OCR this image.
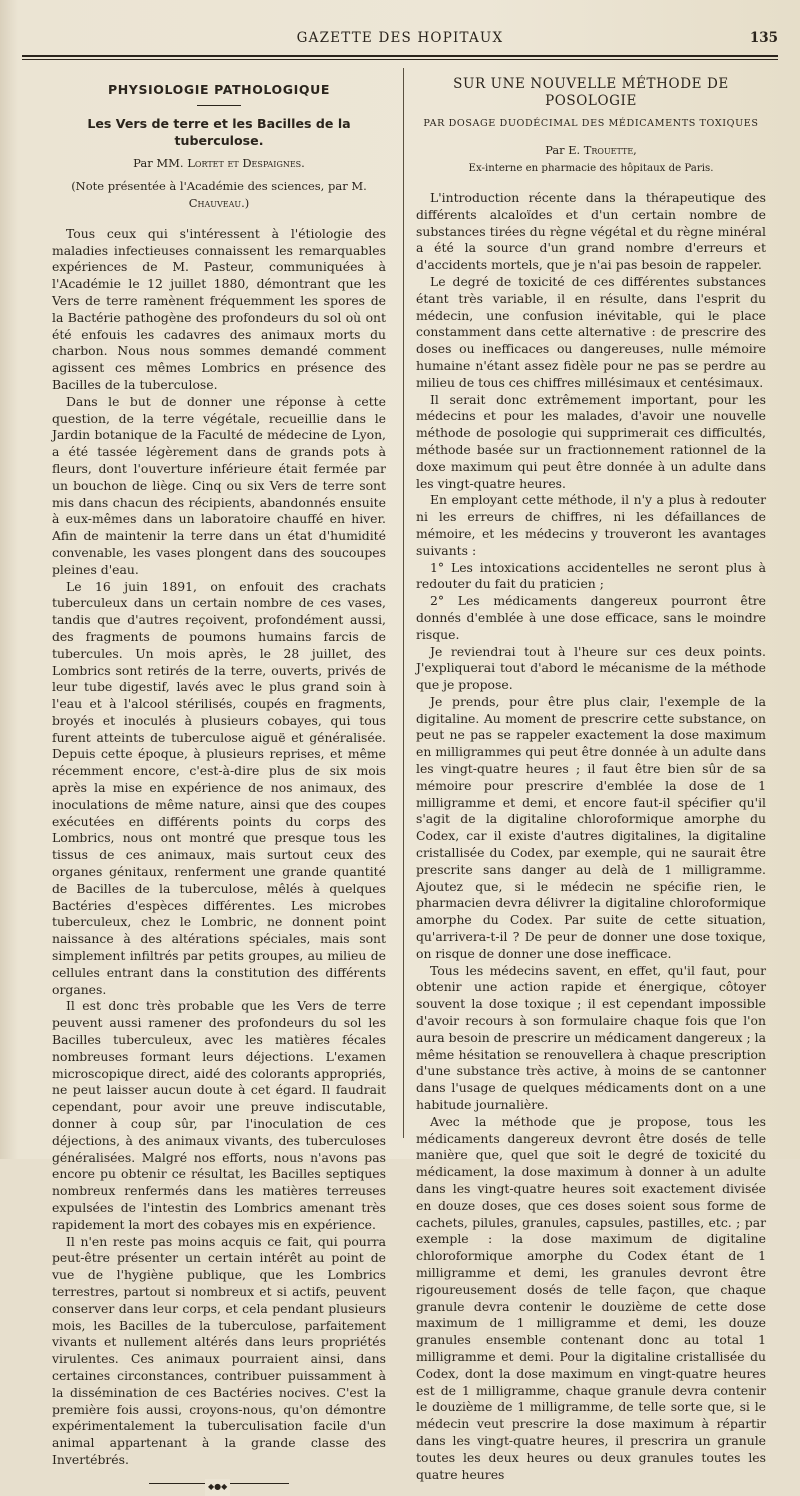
GAZETTE DES HOPITAUX	135
PHYSIOLOGIE PATHOLOGIQUE
Les Vers de terre et les Bacilles de la tuberculose.
Par MM. Lortet et Despaignes.
(Note présentée à l'Académie des sciences, par M. Chauveau.)

Tous ceux qui s'intéressent à l'étiologie des maladies infectieuses connaissent les remarquables expériences de M. Pasteur, communiquées à l'Académie le 12 juillet 1880, démontrant que les Vers de terre ramènent fréquemment les spores de la Bactérie pathogène des profondeurs du sol où ont été enfouis les cadavres des animaux morts du charbon. Nous nous sommes demandé comment agissent ces mêmes Lombrics en présence des Bacilles de la tuberculose.

Dans le but de donner une réponse à cette question, de la terre végétale, recueillie dans le Jardin botanique de la Faculté de médecine de Lyon, a été tassée légèrement dans de grands pots à fleurs, dont l'ouverture inférieure était fermée par un bouchon de liège. Cinq ou six Vers de terre sont mis dans chacun des récipients, abandonnés ensuite à eux-mêmes dans un laboratoire chauffé en hiver. Afin de maintenir la terre dans un état d'humidité convenable, les vases plongent dans des soucoupes pleines d'eau.

Le 16 juin 1891, on enfouit des crachats tuberculeux dans un certain nombre de ces vases, tandis que d'autres reçoivent, profondément aussi, des fragments de poumons humains farcis de tubercules. Un mois après, le 28 juillet, des Lombrics sont retirés de la terre, ouverts, privés de leur tube digestif, lavés avec le plus grand soin à l'eau et à l'alcool stérilisés, coupés en fragments, broyés et inoculés à plusieurs cobayes, qui tous furent atteints de tuberculose aiguë et généralisée. Depuis cette époque, à plusieurs reprises, et même récemment encore, c'est-à-dire plus de six mois après la mise en expérience de nos animaux, des inoculations de même nature, ainsi que des coupes exécutées en différents points du corps des Lombrics, nous ont montré que presque tous les tissus de ces animaux, mais surtout ceux des organes génitaux, renferment une grande quantité de Bacilles de la tuberculose, mêlés à quelques Bactéries d'espèces différentes. Les microbes tuberculeux, chez le Lombric, ne donnent point naissance à des altérations spéciales, mais sont simplement infiltrés par petits groupes, au milieu de cellules entrant dans la constitution des différents organes.

Il est donc très probable que les Vers de terre peuvent aussi ramener des profondeurs du sol les Bacilles tuberculeux, avec les matières fécales nombreuses formant leurs déjections. L'examen microscopique direct, aidé des colorants appropriés, ne peut laisser aucun doute à cet égard. Il faudrait cependant, pour avoir une preuve indiscutable, donner à coup sûr, par l'inoculation de ces déjections, à des animaux vivants, des tuberculoses généralisées. Malgré nos efforts, nous n'avons pas encore pu obtenir ce résultat, les Bacilles septiques nombreux renfermés dans les matières terreuses expulsées de l'intestin des Lombrics amenant très rapidement la mort des cobayes mis en expérience.

Il n'en reste pas moins acquis ce fait, qui pourra peut-être présenter un certain intérêt au point de vue de l'hygiène publique, que les Lombrics terrestres, partout si nombreux et si actifs, peuvent conserver dans leur corps, et cela pendant plusieurs mois, les Bacilles de la tuberculose, parfaitement vivants et nullement altérés dans leurs propriétés virulentes. Ces animaux pourraient ainsi, dans certaines circonstances, contribuer puissamment à la dissémination de ces Bactéries nocives. C'est la première fois aussi, croyons-nous, qu'on démontre expérimentalement la tuberculisation facile d'un animal appartenant à la grande classe des Invertébrés.

◆●◆
SUR UNE NOUVELLE MÉTHODE DE POSOLOGIE
PAR DOSAGE DUODÉCIMAL DES MÉDICAMENTS TOXIQUES
Par E. Trouette,
Ex-interne en pharmacie des hôpitaux de Paris.

L'introduction récente dans la thérapeutique des différents alcaloïdes et d'un certain nombre de substances tirées du règne végétal et du règne minéral a été la source d'un grand nombre d'erreurs et d'accidents mortels, que je n'ai pas besoin de rappeler.

Le degré de toxicité de ces différentes substances étant très variable, il en résulte, dans l'esprit du médecin, une confusion inévitable, qui le place constamment dans cette alternative : de prescrire des doses ou inefficaces ou dangereuses, nulle mémoire humaine n'étant assez fidèle pour ne pas se perdre au milieu de tous ces chiffres millésimaux et centésimaux.

Il serait donc extrêmement important, pour les médecins et pour les malades, d'avoir une nouvelle méthode de posologie qui supprimerait ces difficultés, méthode basée sur un fractionnement rationnel de la doxe maximum qui peut être donnée à un adulte dans les vingt-quatre heures.

En employant cette méthode, il n'y a plus à redouter ni les erreurs de chiffres, ni les défaillances de mémoire, et les médecins y trouveront les avantages suivants :

1° Les intoxications accidentelles ne seront plus à redouter du fait du praticien ;

2° Les médicaments dangereux pourront être donnés d'emblée à une dose efficace, sans le moindre risque.

Je reviendrai tout à l'heure sur ces deux points. J'expliquerai tout d'abord le mécanisme de la méthode que je propose.

Je prends, pour être plus clair, l'exemple de la digitaline. Au moment de prescrire cette substance, on peut ne pas se rappeler exactement la dose maximum en milligrammes qui peut être donnée à un adulte dans les vingt-quatre heures ; il faut être bien sûr de sa mémoire pour prescrire d'emblée la dose de 1 milligramme et demi, et encore faut-il spécifier qu'il s'agit de la digitaline chloroformique amorphe du Codex, car il existe d'autres digitalines, la digitaline cristallisée du Codex, par exemple, qui ne saurait être prescrite sans danger au delà de 1 milligramme. Ajoutez que, si le médecin ne spécifie rien, le pharmacien devra délivrer la digitaline chloroformique amorphe du Codex. Par suite de cette situation, qu'arrivera-t-il ? De peur de donner une dose toxique, on risque de donner une dose inefficace.

Tous les médecins savent, en effet, qu'il faut, pour obtenir une action rapide et énergique, côtoyer souvent la dose toxique ; il est cependant impossible d'avoir recours à son formulaire chaque fois que l'on aura besoin de prescrire un médicament dangereux ; la même hésitation se renouvellera à chaque prescription d'une substance très active, à moins de se cantonner dans l'usage de quelques médicaments dont on a une habitude journalière.

Avec la méthode que je propose, tous les médicaments dangereux devront être dosés de telle manière que, quel que soit le degré de toxicité du médicament, la dose maximum à donner à un adulte dans les vingt-quatre heures soit exactement divisée en douze doses, que ces doses soient sous forme de cachets, pilules, granules, capsules, pastilles, etc. ; par exemple : la dose maximum de digitaline chloroformique amorphe du Codex étant de 1 milligramme et demi, les granules devront être rigoureusement dosés de telle façon, que chaque granule devra contenir le douzième de cette dose maximum de 1 milligramme et demi, les douze granules ensemble contenant donc au total 1 milligramme et demi. Pour la digitaline cristallisée du Codex, dont la dose maximum en vingt-quatre heures est de 1 milligramme, chaque granule devra contenir le douzième de 1 milligramme, de telle sorte que, si le médecin veut prescrire la dose maximum à répartir dans les vingt-quatre heures, il prescrira un granule toutes les deux heures ou deux granules toutes les quatre heures
